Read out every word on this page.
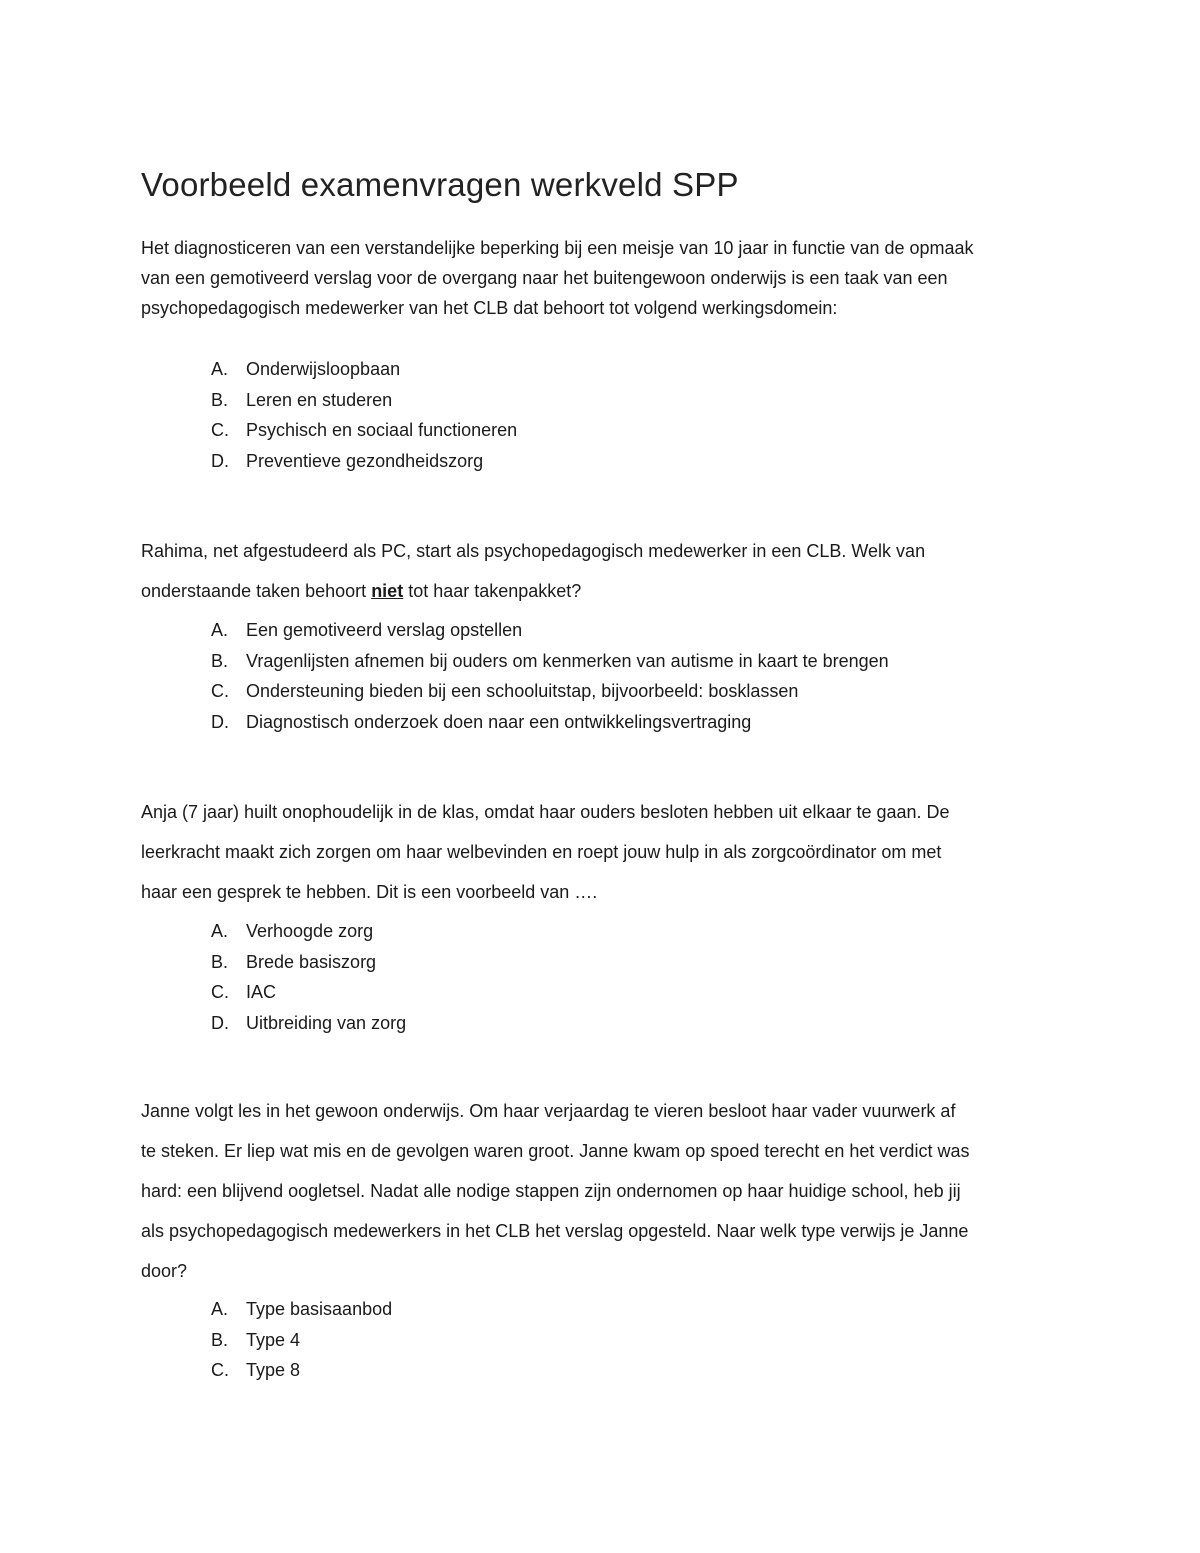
Voorbeeld examenvragen werkveld SPP
Het diagnosticeren van een verstandelijke beperking bij een meisje van 10 jaar in functie van de opmaak
van een gemotiveerd verslag voor de overgang naar het buitengewoon onderwijs is een taak van een
psychopedagogisch medewerker van het CLB dat behoort tot volgend werkingsdomein:
A. Onderwijsloopbaan
B. Leren en studeren
C. Psychisch en sociaal functioneren
D. Preventieve gezondheidszorg
Rahima, net afgestudeerd als PC, start als psychopedagogisch medewerker in een CLB. Welk van
onderstaande taken behoort niet tot haar takenpakket?
A. Een gemotiveerd verslag opstellen
B. Vragenlijsten afnemen bij ouders om kenmerken van autisme in kaart te brengen
C. Ondersteuning bieden bij een schooluitstap, bijvoorbeeld: bosklassen
D. Diagnostisch onderzoek doen naar een ontwikkelingsvertraging
Anja (7 jaar) huilt onophoudelijk in de klas, omdat haar ouders besloten hebben uit elkaar te gaan. De
leerkracht maakt zich zorgen om haar welbevinden en roept jouw hulp in als zorgcoördinator om met
haar een gesprek te hebben. Dit is een voorbeeld van ….
A. Verhoogde zorg
B. Brede basiszorg
C. IAC
D. Uitbreiding van zorg
Janne volgt les in het gewoon onderwijs. Om haar verjaardag te vieren besloot haar vader vuurwerk af
te steken. Er liep wat mis en de gevolgen waren groot. Janne kwam op spoed terecht en het verdict was
hard: een blijvend oogletsel. Nadat alle nodige stappen zijn ondernomen op haar huidige school, heb jij
als psychopedagogisch medewerkers in het CLB het verslag opgesteld. Naar welk type verwijs je Janne
door?
A. Type basisaanbod
B. Type 4
C. Type 8
